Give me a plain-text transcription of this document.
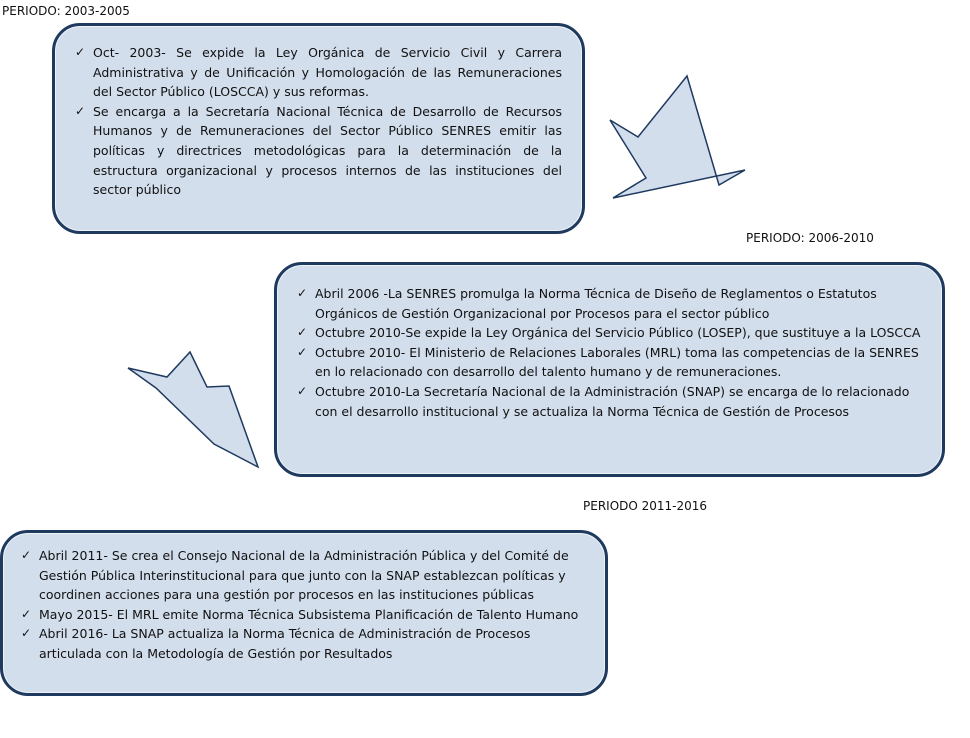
PERIODO: 2003-2005
PERIODO: 2006-2010
PERIODO 2011-2016
✓ Oct- 2003- Se expide la Ley Orgánica de Servicio Civil y Carrera Administrativa y de Unificación y Homologación de las Remuneraciones del Sector Público (LOSCCA) y sus reformas.
✓ Se encarga a la Secretaría Nacional Técnica de Desarrollo de Recursos Humanos y de Remuneraciones del Sector Público SENRES emitir las políticas y directrices metodológicas para la determinación de la estructura organizacional y procesos internos de las instituciones del sector público
✓ Abril 2006 -La SENRES promulga la Norma Técnica de Diseño de Reglamentos o Estatutos Orgánicos de Gestión Organizacional por Procesos para el sector público
✓ Octubre 2010-Se expide la Ley Orgánica del Servicio Público (LOSEP), que sustituye a la LOSCCA
✓ Octubre 2010- El Ministerio de Relaciones Laborales (MRL) toma las competencias de la SENRES en lo relacionado con desarrollo del talento humano y de remuneraciones.
✓ Octubre 2010-La Secretaría Nacional de la Administración (SNAP) se encarga de lo relacionado con el desarrollo institucional y se actualiza la Norma Técnica de Gestión de Procesos
✓ Abril 2011- Se crea el Consejo Nacional de la Administración Pública y del Comité de Gestión Pública Interinstitucional para que junto con la SNAP establezcan políticas y coordinen acciones para una gestión por procesos en las instituciones públicas
✓ Mayo 2015- El MRL emite Norma Técnica Subsistema Planificación de Talento Humano
✓ Abril 2016- La SNAP actualiza la Norma Técnica de Administración de Procesos articulada con la Metodología de Gestión por Resultados
